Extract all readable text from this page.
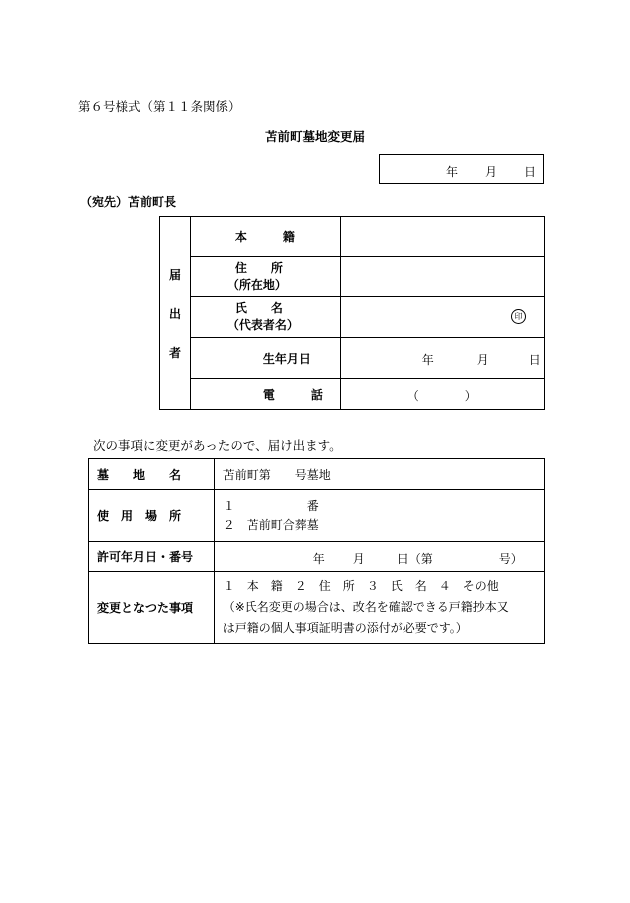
第６号様式（第１１条関係）
苫前町墓地変更届
年 月 日
（宛先）苫前町長
届
出
者	本　　　籍	

	住　　所
（所在地）	

	氏　　名
（代表者名）	印

	生年月日	年 月 日

	電　　　話	（ ）
次の事項に変更があったので、届け出ます。
墓　　地　　名	苫前町第　　号墓地
使　用　場　所	１　　　　　　番
２　苫前町合葬墓

許可年月日・番号	年 月 日（第 号）

変更となつた事項	１　本　籍　２　住　所　３　氏　名　４　その他
（※氏名変更の場合は、改名を確認できる戸籍抄本又
は戸籍の個人事項証明書の添付が必要です。）
